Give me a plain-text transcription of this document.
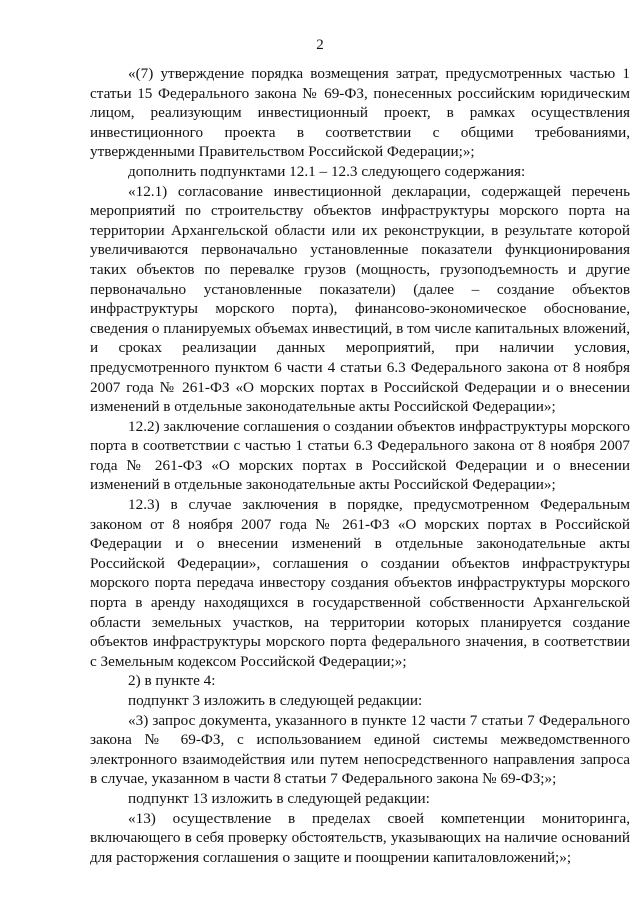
2

«(7) утверждение порядка возмещения затрат, предусмотренных частью 1 статьи 15 Федерального закона № 69-ФЗ, понесенных российским юридическим лицом, реализующим инвестиционный проект, в рамках осуществления инвестиционного проекта в соответствии с общими требованиями, утвержденными Правительством Российской Федерации;»;

дополнить подпунктами 12.1 – 12.3 следующего содержания:

«12.1) согласование инвестиционной декларации, содержащей перечень мероприятий по строительству объектов инфраструктуры морского порта на территории Архангельской области или их реконструкции, в результате которой увеличиваются первоначально установленные показатели функционирования таких объектов по перевалке грузов (мощность, грузоподъемность и другие первоначально установленные показатели) (далее – создание объектов инфраструктуры морского порта), финансово-экономическое обоснование, сведения о планируемых объемах инвестиций, в том числе капитальных вложений, и сроках реализации данных мероприятий, при наличии условия, предусмотренного пунктом 6 части 4 статьи 6.3 Федерального закона от 8 ноября 2007 года № 261-ФЗ «О морских портах в Российской Федерации и о внесении изменений в отдельные законодательные акты Российской Федерации»;

12.2) заключение соглашения о создании объектов инфраструктуры морского порта в соответствии с частью 1 статьи 6.3 Федерального закона от 8 ноября 2007 года № 261-ФЗ «О морских портах в Российской Федерации и о внесении изменений в отдельные законодательные акты Российской Федерации»;

12.3) в случае заключения в порядке, предусмотренном Федеральным законом от 8 ноября 2007 года № 261-ФЗ «О морских портах в Российской Федерации и о внесении изменений в отдельные законодательные акты Российской Федерации», соглашения о создании объектов инфраструктуры морского порта передача инвестору создания объектов инфраструктуры морского порта в аренду находящихся в государственной собственности Архангельской области земельных участков, на территории которых планируется создание объектов инфраструктуры морского порта федерального значения, в соответствии с Земельным кодексом Российской Федерации;»;

2) в пункте 4:

подпункт 3 изложить в следующей редакции:

«3) запрос документа, указанного в пункте 12 части 7 статьи 7 Федерального закона № 69-ФЗ, с использованием единой системы межведомственного электронного взаимодействия или путем непосредственного направления запроса в случае, указанном в части 8 статьи 7 Федерального закона № 69-ФЗ;»;

подпункт 13 изложить в следующей редакции:

«13) осуществление в пределах своей компетенции мониторинга, включающего в себя проверку обстоятельств, указывающих на наличие оснований для расторжения соглашения о защите и поощрении капиталовложений;»;
